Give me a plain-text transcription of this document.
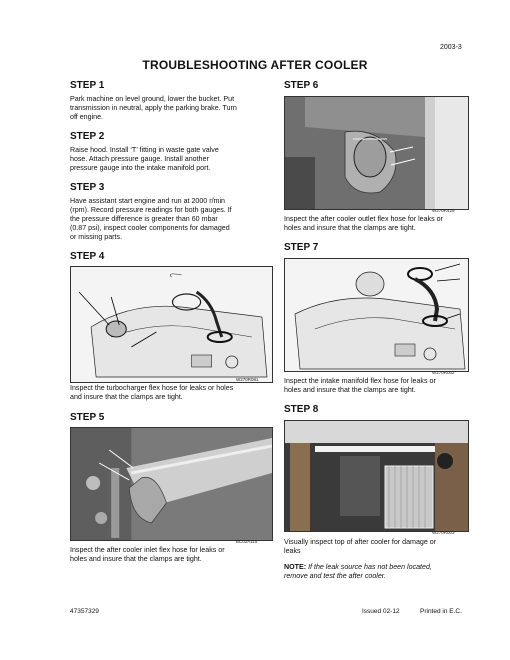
2003-3
TROUBLESHOOTING AFTER COOLER
STEP 1
Park machine on level ground, lower the bucket. Put
transmission in neutral, apply the parking brake. Turn
off engine.
STEP 2
Raise hood. Install ‘T’ fitting in waste gate valve
hose. Attach pressure gauge. Install another
pressure gauge into the intake manifold port.
STEP 3
Have assistant start engine and run at 2000 r/min
(rpm). Record pressure readings for both gauges. If
the pressure difference is greater than 60 mbar
(0.87 psi), inspect cooler components for damaged
or missing parts.
STEP 4
W270R081
Inspect the turbocharger flex hose for leaks or holes
and insure that the clamps are tight.
STEP 5
BC02A115
Inspect the after cooler inlet flex hose for leaks or
holes and insure that the clamps are tight.
STEP 6
W270R429
Inspect the after cooler outlet flex hose for leaks or
holes and insure that the clamps are tight.
STEP 7
W270R002
Inspect the intake manifold flex hose for leaks or
holes and insure that the clamps are tight.
STEP 8
W270R003
Visually inspect top of after cooler for damage or
leaks
NOTE: If the leak source has not been located,
remove and test the after cooler.
47357329	Issued 02-12	Printed in E.C.
